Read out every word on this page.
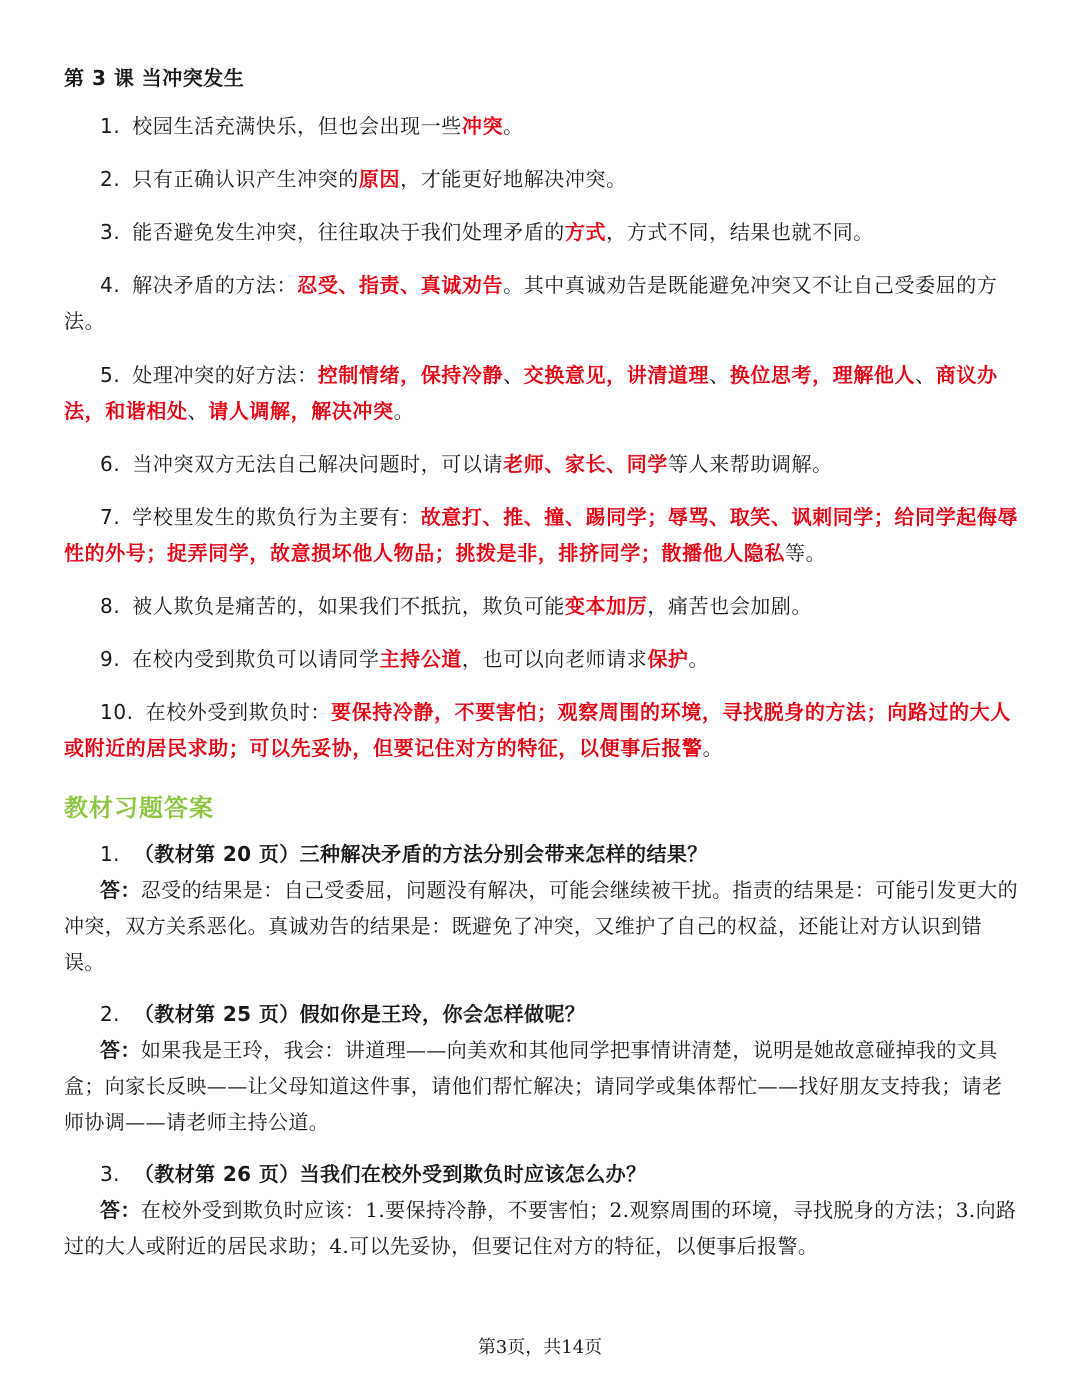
第 3 课 当冲突发生
1. 校园生活充满快乐，但也会出现一些冲突。
2. 只有正确认识产生冲突的原因，才能更好地解决冲突。
3. 能否避免发生冲突，往往取决于我们处理矛盾的方式，方式不同，结果也就不同。
4. 解决矛盾的方法：忍受、指责、真诚劝告。其中真诚劝告是既能避免冲突又不让自己受委屈的方法。
5. 处理冲突的好方法：控制情绪，保持冷静、交换意见，讲清道理、换位思考，理解他人、商议办法，和谐相处、请人调解，解决冲突。
6. 当冲突双方无法自己解决问题时，可以请老师、家长、同学等人来帮助调解。
7. 学校里发生的欺负行为主要有：故意打、推、撞、踢同学；辱骂、取笑、讽刺同学；给同学起侮辱性的外号；捉弄同学，故意损坏他人物品；挑拨是非，排挤同学；散播他人隐私等。
8. 被人欺负是痛苦的，如果我们不抵抗，欺负可能变本加厉，痛苦也会加剧。
9. 在校内受到欺负可以请同学主持公道，也可以向老师请求保护。
10. 在校外受到欺负时：要保持冷静，不要害怕；观察周围的环境，寻找脱身的方法；向路过的大人或附近的居民求助；可以先妥协，但要记住对方的特征，以便事后报警。
教材习题答案
1. （教材第 20 页）三种解决矛盾的方法分别会带来怎样的结果？
答：忍受的结果是：自己受委屈，问题没有解决，可能会继续被干扰。指责的结果是：可能引发更大的冲突，双方关系恶化。真诚劝告的结果是：既避免了冲突，又维护了自己的权益，还能让对方认识到错误。
2. （教材第 25 页）假如你是王玲，你会怎样做呢？
答：如果我是王玲，我会：讲道理——向美欢和其他同学把事情讲清楚，说明是她故意碰掉我的文具盒；向家长反映——让父母知道这件事，请他们帮忙解决；请同学或集体帮忙——找好朋友支持我；请老师协调——请老师主持公道。
3. （教材第 26 页）当我们在校外受到欺负时应该怎么办？
答：在校外受到欺负时应该：1.要保持冷静，不要害怕；2.观察周围的环境，寻找脱身的方法；3.向路过的大人或附近的居民求助；4.可以先妥协，但要记住对方的特征，以便事后报警。
第3页，共14页
